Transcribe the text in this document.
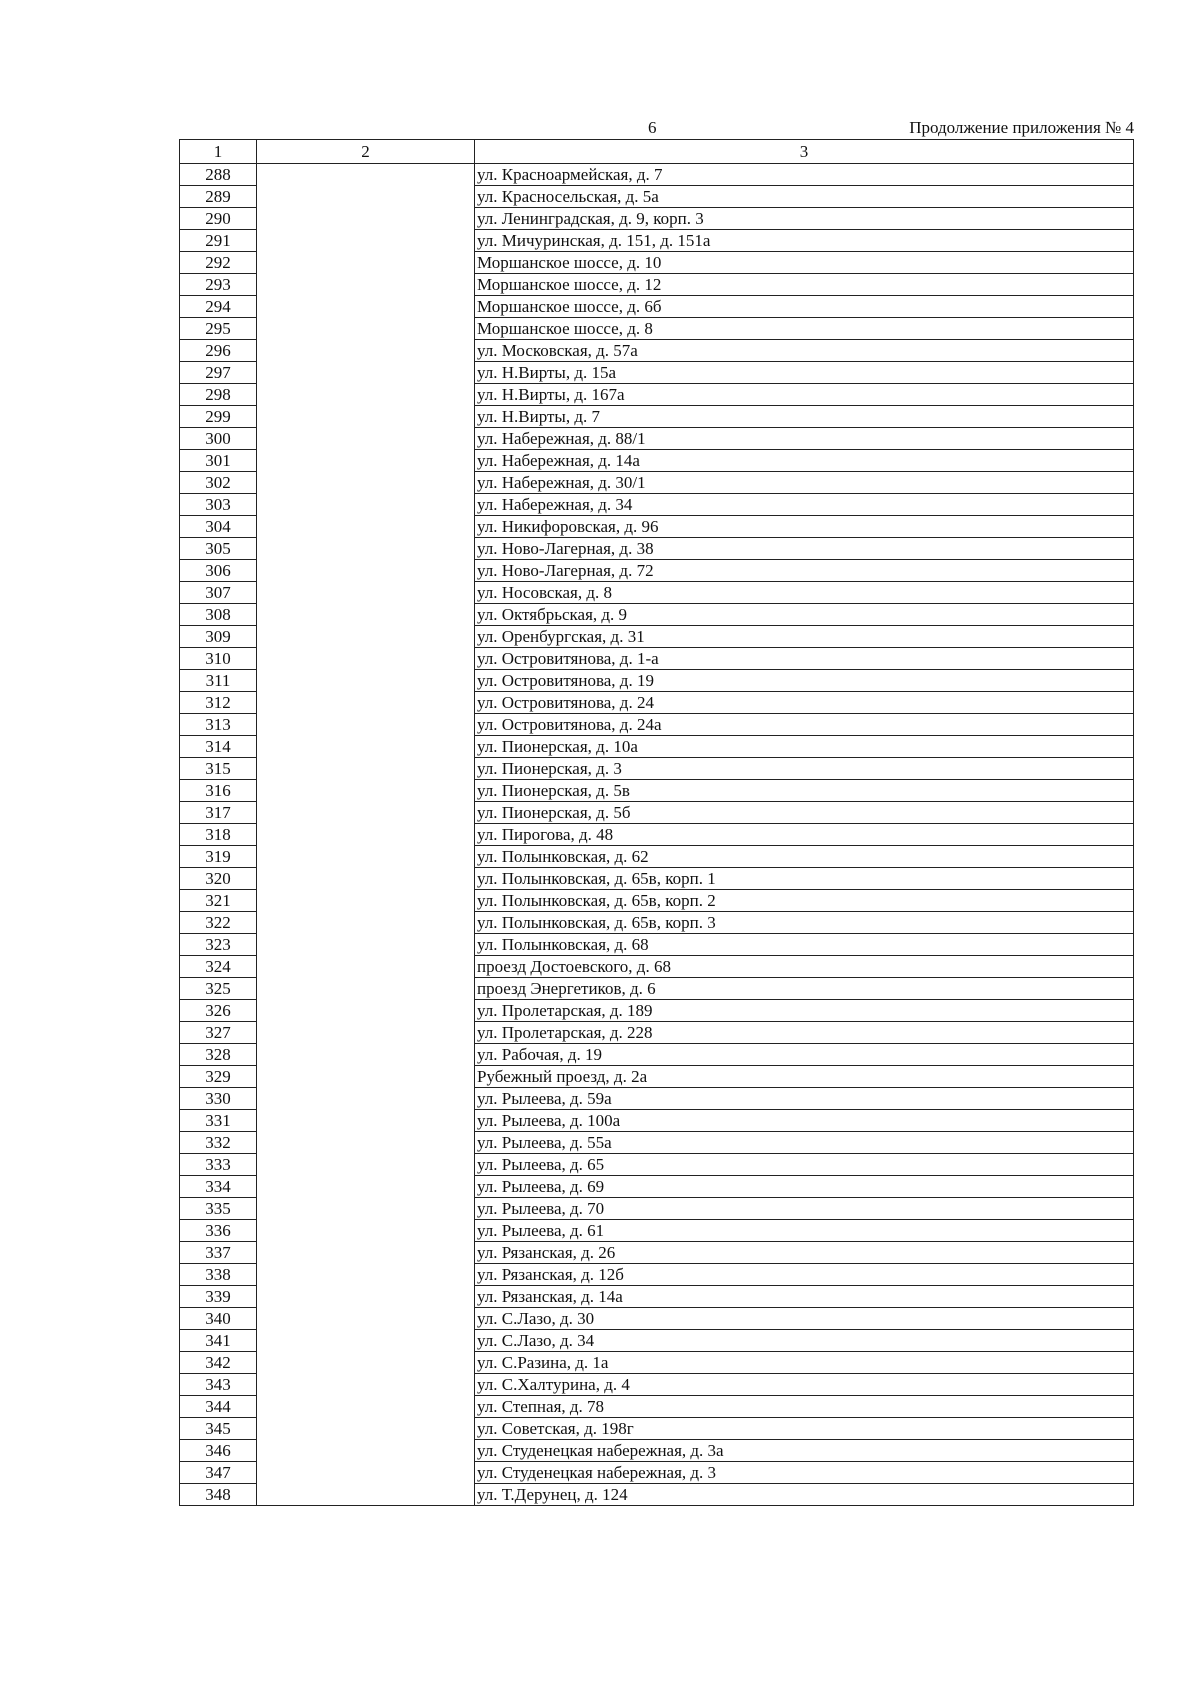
6	Продолжение приложения № 4
1	2	3
288		ул. Красноармейская, д. 7
289		ул. Красносельская, д. 5а
290		ул. Ленинградская, д. 9, корп. 3
291		ул. Мичуринская, д. 151, д. 151а
292		Моршанское шоссе, д. 10
293		Моршанское шоссе, д. 12
294		Моршанское шоссе, д. 6б
295		Моршанское шоссе, д. 8
296		ул. Московская, д. 57а
297		ул. Н.Вирты, д. 15а
298		ул. Н.Вирты, д. 167а
299		ул. Н.Вирты, д. 7
300		ул. Набережная, д. 88/1
301		ул. Набережная, д. 14а
302		ул. Набережная, д. 30/1
303		ул. Набережная, д. 34
304		ул. Никифоровская, д. 96
305		ул. Ново-Лагерная, д. 38
306		ул. Ново-Лагерная, д. 72
307		ул. Носовская, д. 8
308		ул. Октябрьская, д. 9
309		ул. Оренбургская, д. 31
310		ул. Островитянова, д. 1-а
311		ул. Островитянова, д. 19
312		ул. Островитянова, д. 24
313		ул. Островитянова, д. 24а
314		ул. Пионерская, д. 10а
315		ул. Пионерская, д. 3
316		ул. Пионерская, д. 5в
317		ул. Пионерская, д. 5б
318		ул. Пирогова, д. 48
319		ул. Полынковская, д. 62
320		ул. Полынковская, д. 65в, корп. 1
321		ул. Полынковская, д. 65в, корп. 2
322		ул. Полынковская, д. 65в, корп. 3
323		ул. Полынковская, д. 68
324		проезд Достоевского, д. 68
325		проезд Энергетиков, д. 6
326		ул. Пролетарская, д. 189
327		ул. Пролетарская, д. 228
328		ул. Рабочая, д. 19
329		Рубежный проезд, д. 2а
330		ул. Рылеева, д. 59а
331		ул. Рылеева, д. 100а
332		ул. Рылеева, д. 55а
333		ул. Рылеева, д. 65
334		ул. Рылеева, д. 69
335		ул. Рылеева, д. 70
336		ул. Рылеева, д. 61
337		ул. Рязанская, д. 26
338		ул. Рязанская, д. 12б
339		ул. Рязанская, д. 14а
340		ул. С.Лазо, д. 30
341		ул. С.Лазо, д. 34
342		ул. С.Разина, д. 1а
343		ул. С.Халтурина, д. 4
344		ул. Степная, д. 78
345		ул. Советская, д. 198г
346		ул. Студенецкая набережная, д. 3а
347		ул. Студенецкая набережная, д. 3
348		ул. Т.Дерунец, д. 124
